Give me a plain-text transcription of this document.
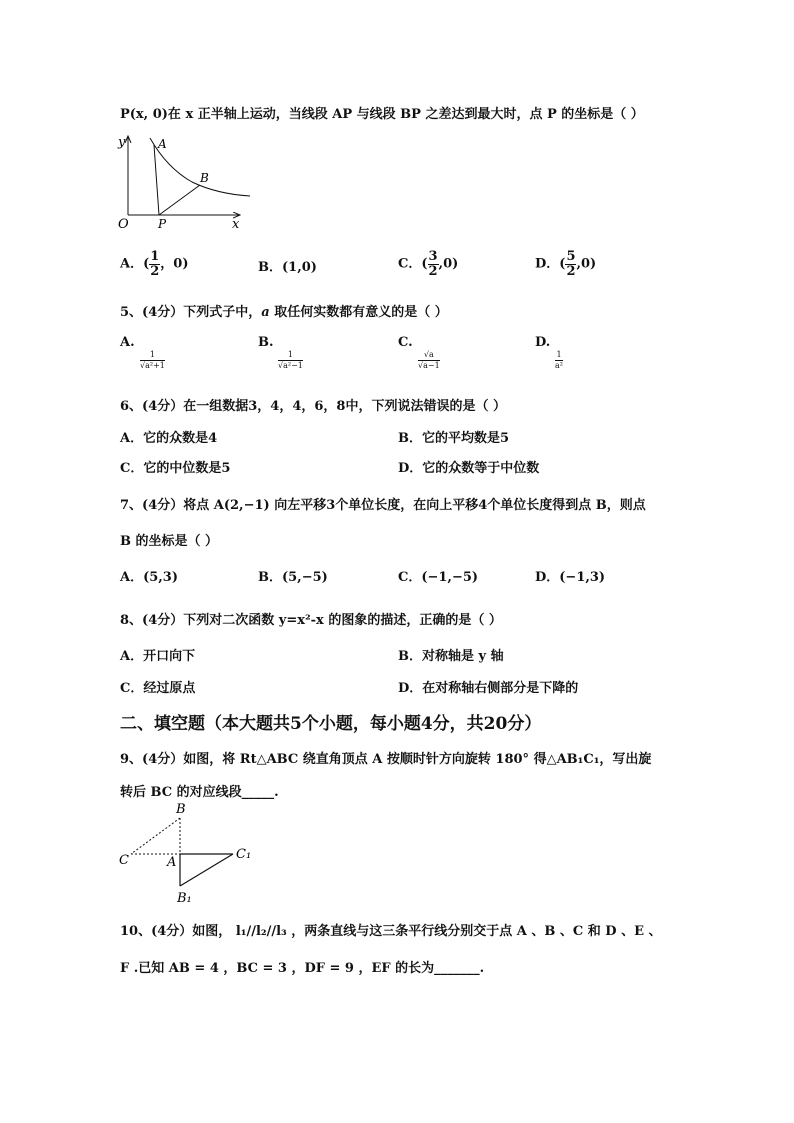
P(x, 0)在 x 正半轴上运动，当线段 AP 与线段 BP 之差达到最大时，点 P 的坐标是（ ）
y	A
B
O P	x
A．( $\frac{1}{2}$ ，0)	B．(1,0)	C．( $\frac{3}{2} ,0$)	D．( $\frac{5}{2} ,0$)
5、(4分）下列式子中，a 取任何实数都有意义的是（ ）
A.

$\frac{1}{\text{√a²+1}}$
B.

$\frac{1}{\text{√a²−1}}$
C.

$\frac{√a}{√a-1}$
D.

$\frac{1}{\text{a²}}$
6、(4分）在一组数据3，4，4，6，8中，下列说法错误的是（ ）
A．它的众数是4	B．它的平均数是5
C．它的中位数是5	D．它的众数等于中位数
7、(4分）将点 A(2,−1) 向左平移3个单位长度，在向上平移4个单位长度得到点 B，则点
B 的坐标是（ ）
A．(5,3)	B．(5,−5)	C．(−1,−5)	D．(−1,3)
8、(4分）下列对二次函数 y=x²-x 的图象的描述，正确的是（ ）
A．开口向下	B．对称轴是 y 轴
C．经过原点	D．在对称轴右侧部分是下降的
二、填空题（本大题共5个小题，每小题4分，共20分）
9、(4分）如图，将 Rt△ABC 绕直角顶点 A 按顺时针方向旋转 180° 得△AB₁C₁，写出旋
转后 BC 的对应线段_____.
B
C	A
C₁
B₁
10、(4分）如图， l₁//l₂//l₃ ，两条直线与这三条平行线分别交于点 A 、B 、C 和 D 、E 、
F .已知 AB = 4 ，BC = 3 ，DF = 9 ，EF 的长为_______.
